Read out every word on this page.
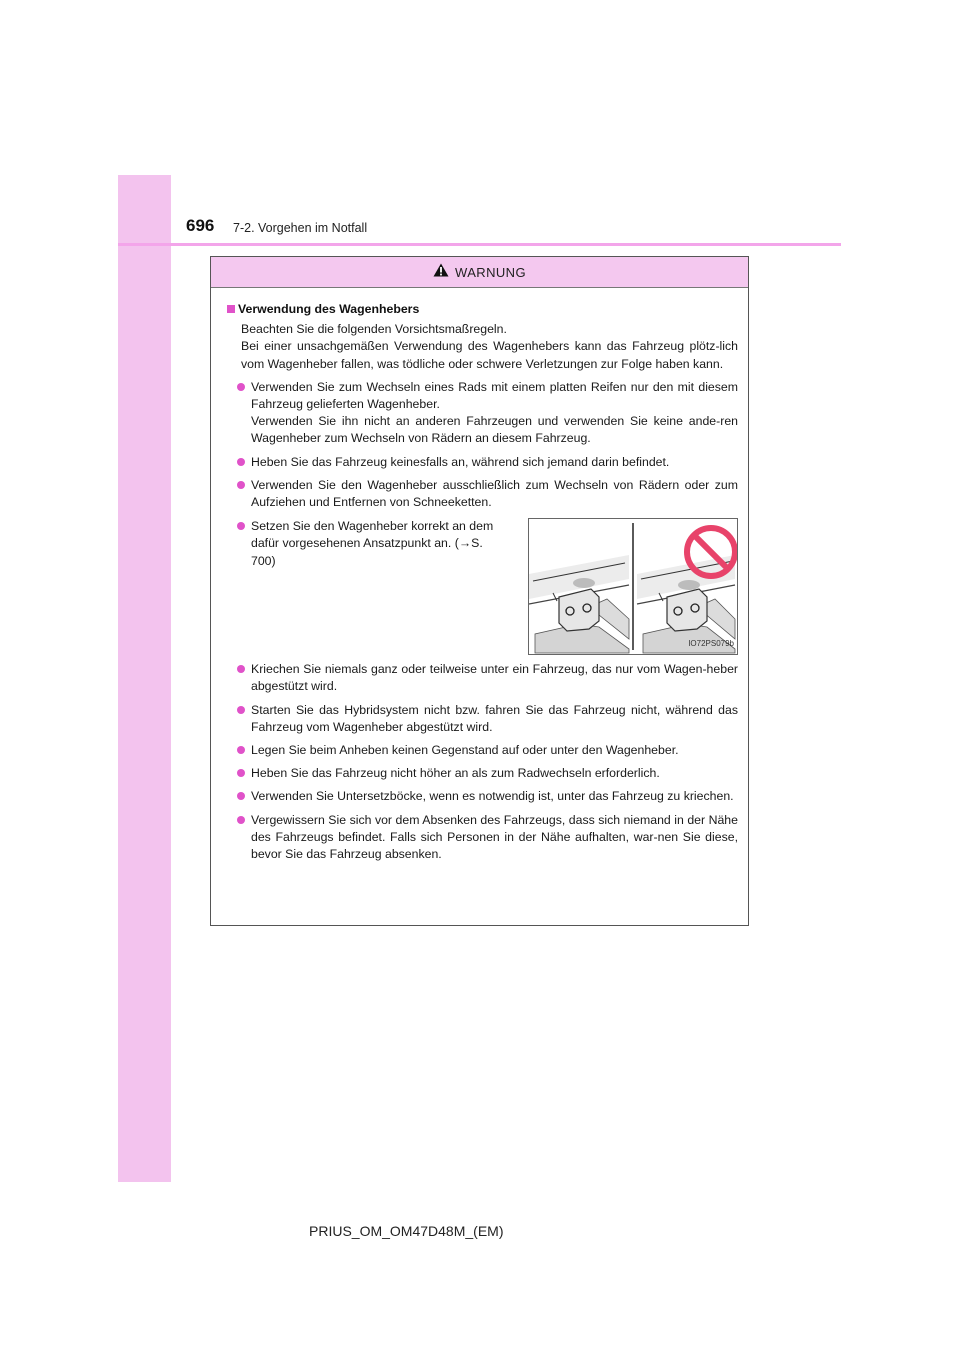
696 7-2. Vorgehen im Notfall
WARNUNG
Verwendung des Wagenhebers

Beachten Sie die folgenden Vorsichtsmaßregeln.

Bei einer unsachgemäßen Verwendung des Wagenhebers kann das Fahrzeug plötz-lich vom Wagenheber fallen, was tödliche oder schwere Verletzungen zur Folge haben kann.

Verwenden Sie zum Wechseln eines Rads mit einem platten Reifen nur den mit diesem Fahrzeug gelieferten Wagenheber.

Verwenden Sie ihn nicht an anderen Fahrzeugen und verwenden Sie keine ande-ren Wagenheber zum Wechseln von Rädern an diesem Fahrzeug.

Heben Sie das Fahrzeug keinesfalls an, während sich jemand darin befindet.

Verwenden Sie den Wagenheber ausschließlich zum Wechseln von Rädern oder zum Aufziehen und Entfernen von Schneeketten.

Setzen Sie den Wagenheber korrekt an dem dafür vorgesehenen Ansatzpunkt an. (→S. 700)

IO72PS079b

Kriechen Sie niemals ganz oder teilweise unter ein Fahrzeug, das nur vom Wagen-heber abgestützt wird.

Starten Sie das Hybridsystem nicht bzw. fahren Sie das Fahrzeug nicht, während das Fahrzeug vom Wagenheber abgestützt wird.

Legen Sie beim Anheben keinen Gegenstand auf oder unter den Wagenheber.

Heben Sie das Fahrzeug nicht höher an als zum Radwechseln erforderlich.

Verwenden Sie Untersetzböcke, wenn es notwendig ist, unter das Fahrzeug zu kriechen.

Vergewissern Sie sich vor dem Absenken des Fahrzeugs, dass sich niemand in der Nähe des Fahrzeugs befindet. Falls sich Personen in der Nähe aufhalten, war-nen Sie diese, bevor Sie das Fahrzeug absenken.

PRIUS_OM_OM47D48M_(EM)
